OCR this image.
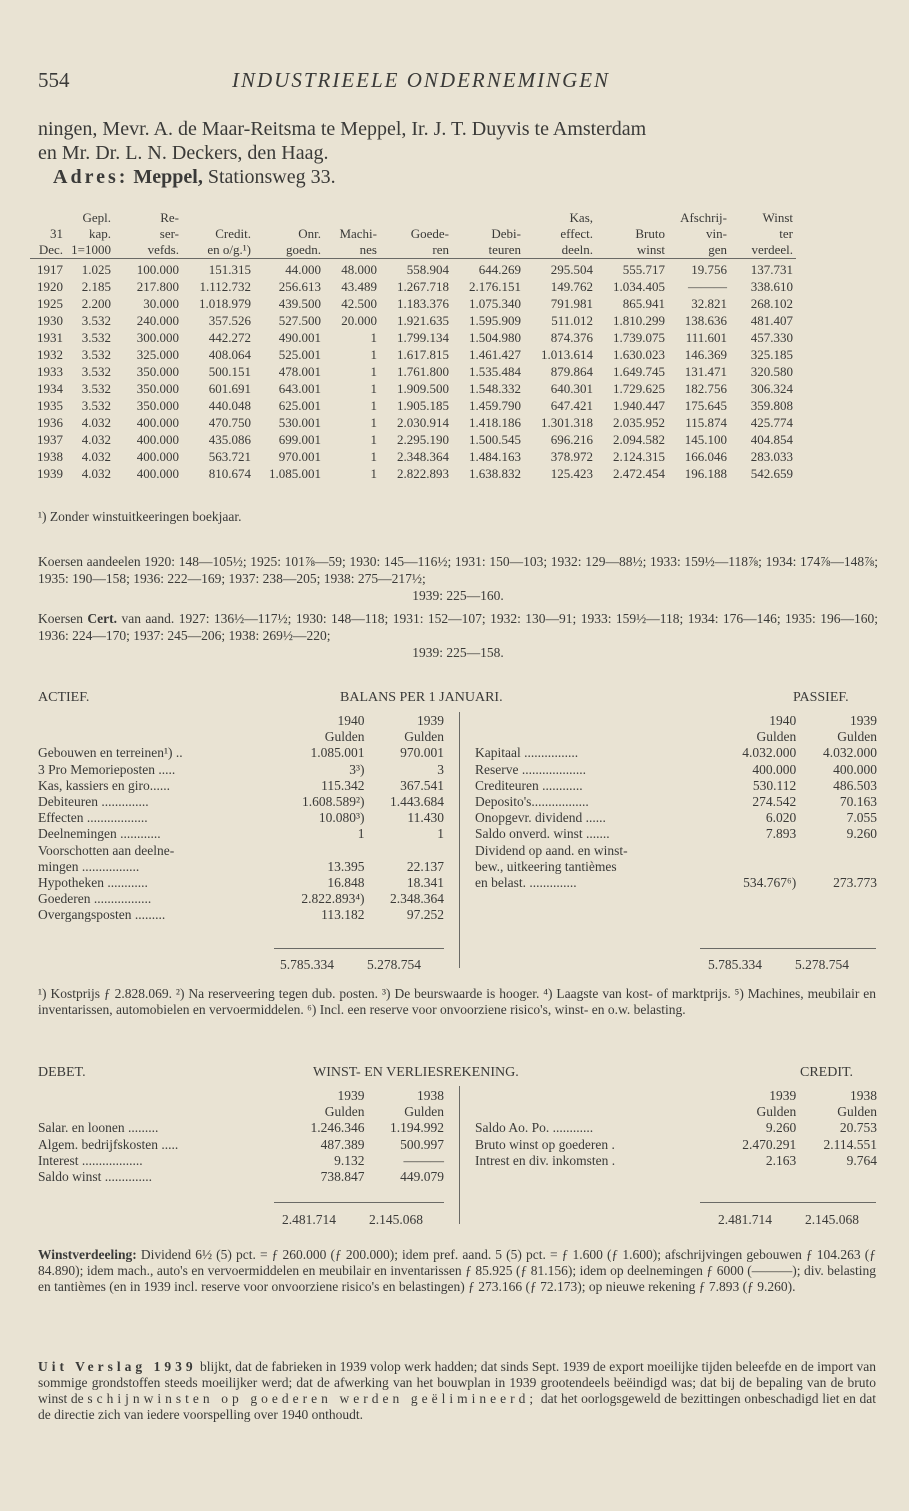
554	INDUSTRIEELE ONDERNEMINGEN

ningen, Mevr. A. de Maar-Reitsma te Meppel, Ir. J. T. Duyvis te Amsterdam

en Mr. Dr. L. N. Deckers, den Haag.

Adres: Meppel, Stationsweg 33.

	Gepl.	Re-						Kas,		Afschrij-	Winst
31	kap.	ser-	Credit.	Onr.	Machi-	Goede-	Debi-	effect.	Bruto	vin-	ter
Dec.	1=1000	vefds.	en o/g.¹)	goedn.	nes	ren	teuren	deeln.	winst	gen	verdeel.
1917	1.025	100.000	151.315	44.000	48.000	558.904	644.269	295.504	555.717	19.756	137.731
1920	2.185	217.800	1.112.732	256.613	43.489	1.267.718	2.176.151	149.762	1.034.405	———	338.610
1925	2.200	30.000	1.018.979	439.500	42.500	1.183.376	1.075.340	791.981	865.941	32.821	268.102
1930	3.532	240.000	357.526	527.500	20.000	1.921.635	1.595.909	511.012	1.810.299	138.636	481.407
1931	3.532	300.000	442.272	490.001	1	1.799.134	1.504.980	874.376	1.739.075	111.601	457.330
1932	3.532	325.000	408.064	525.001	1	1.617.815	1.461.427	1.013.614	1.630.023	146.369	325.185
1933	3.532	350.000	500.151	478.001	1	1.761.800	1.535.484	879.864	1.649.745	131.471	320.580
1934	3.532	350.000	601.691	643.001	1	1.909.500	1.548.332	640.301	1.729.625	182.756	306.324
1935	3.532	350.000	440.048	625.001	1	1.905.185	1.459.790	647.421	1.940.447	175.645	359.808
1936	4.032	400.000	470.750	530.001	1	2.030.914	1.418.186	1.301.318	2.035.952	115.874	425.774
1937	4.032	400.000	435.086	699.001	1	2.295.190	1.500.545	696.216	2.094.582	145.100	404.854
1938	4.032	400.000	563.721	970.001	1	2.348.364	1.484.163	378.972	2.124.315	166.046	283.033
1939	4.032	400.000	810.674	1.085.001	1	2.822.893	1.638.832	125.423	2.472.454	196.188	542.659
¹) Zonder winstuitkeeringen boekjaar.
Koersen aandeelen 1920: 148—105½; 1925: 101⅞—59; 1930: 145—116½; 1931: 150—103; 1932: 129—88½; 1933: 159½—118⅞; 1934: 174⅞—148⅞; 1935: 190—158; 1936: 222—169; 1937: 238—205; 1938: 275—217½;
1939: 225—160.
Koersen Cert. van aand. 1927: 136½—117½; 1930: 148—118; 1931: 152—107; 1932: 130—91; 1933: 159½—118; 1934: 176—146; 1935: 196—160; 1936: 224—170; 1937: 245—206; 1938: 269½—220;
1939: 225—158.
ACTIEF.	BALANS PER 1 JANUARI.	PASSIEF.
	1940	1939
	Gulden	Gulden
Gebouwen en terreinen¹) ..	1.085.001	970.001
3 Pro Memorieposten .....	3³)	3
Kas, kassiers en giro......	115.342	367.541
Debiteuren ..............	1.608.589²)	1.443.684
Effecten ..................	10.080³)	11.430
Deelnemingen ............	1	1
Voorschotten aan deelne-		
mingen .................	13.395	22.137
Hypotheken ............	16.848	18.341
Goederen .................	2.822.893⁴)	2.348.364
Overgangsposten .........	113.182	97.252
	1940	1939
	Gulden	Gulden
Kapitaal ................	4.032.000	4.032.000
Reserve ...................	400.000	400.000
Crediteuren ............	530.112	486.503
Deposito's.................	274.542	70.163
Onopgevr. dividend ......	6.020	7.055
Saldo onverd. winst .......	7.893	9.260
Dividend op aand. en winst-		
bew., uitkeering tantièmes		
en belast. ..............	534.767⁶)	273.773
5.785.334 5.278.754	5.785.334 5.278.754
¹) Kostprijs ƒ 2.828.069. ²) Na reserveering tegen dub. posten. ³) De beurswaarde is hooger. ⁴) Laagste van kost- of marktprijs. ⁵) Machines, meubilair en inventarissen, automobielen en vervoermiddelen. ⁶) Incl. een reserve voor onvoorziene risico's, winst- en o.w. belasting.
DEBET.	WINST- EN VERLIESREKENING.	CREDIT.
	1939	1938
	Gulden	Gulden
Salar. en loonen .........	1.246.346	1.194.992
Algem. bedrijfskosten .....	487.389	500.997
Interest ..................	9.132	———
Saldo winst ..............	738.847	449.079
	1939	1938
	Gulden	Gulden
Saldo Ao. Po. ............	9.260	20.753
Bruto winst op goederen .	2.470.291	2.114.551
Intrest en div. inkomsten .	2.163	9.764
2.481.714 2.145.068	2.481.714 2.145.068
Winstverdeeling: Dividend 6½ (5) pct. = ƒ 260.000 (ƒ 200.000); idem pref. aand. 5 (5) pct. = ƒ 1.600 (ƒ 1.600); afschrijvingen gebouwen ƒ 104.263 (ƒ 84.890); idem mach., auto's en vervoermiddelen en meubilair en inventarissen ƒ 85.925 (ƒ 81.156); idem op deelnemingen ƒ 6000 (———); div. belasting en tantièmes (en in 1939 incl. reserve voor onvoorziene risico's en belastingen) ƒ 273.166 (ƒ 72.173); op nieuwe rekening ƒ 7.893 (ƒ 9.260).
Uit Verslag 1939 blijkt, dat de fabrieken in 1939 volop werk hadden; dat sinds Sept. 1939 de export moeilijke tijden beleefde en de import van sommige grondstoffen steeds moeilijker werd; dat de afwerking van het bouwplan in 1939 grootendeels beëindigd was; dat bij de bepaling van de bruto winst de schijnwinsten op goederen werden geëlimineerd; dat het oorlogsgeweld de bezittingen onbeschadigd liet en dat de directie zich van iedere voorspelling over 1940 onthoudt.
